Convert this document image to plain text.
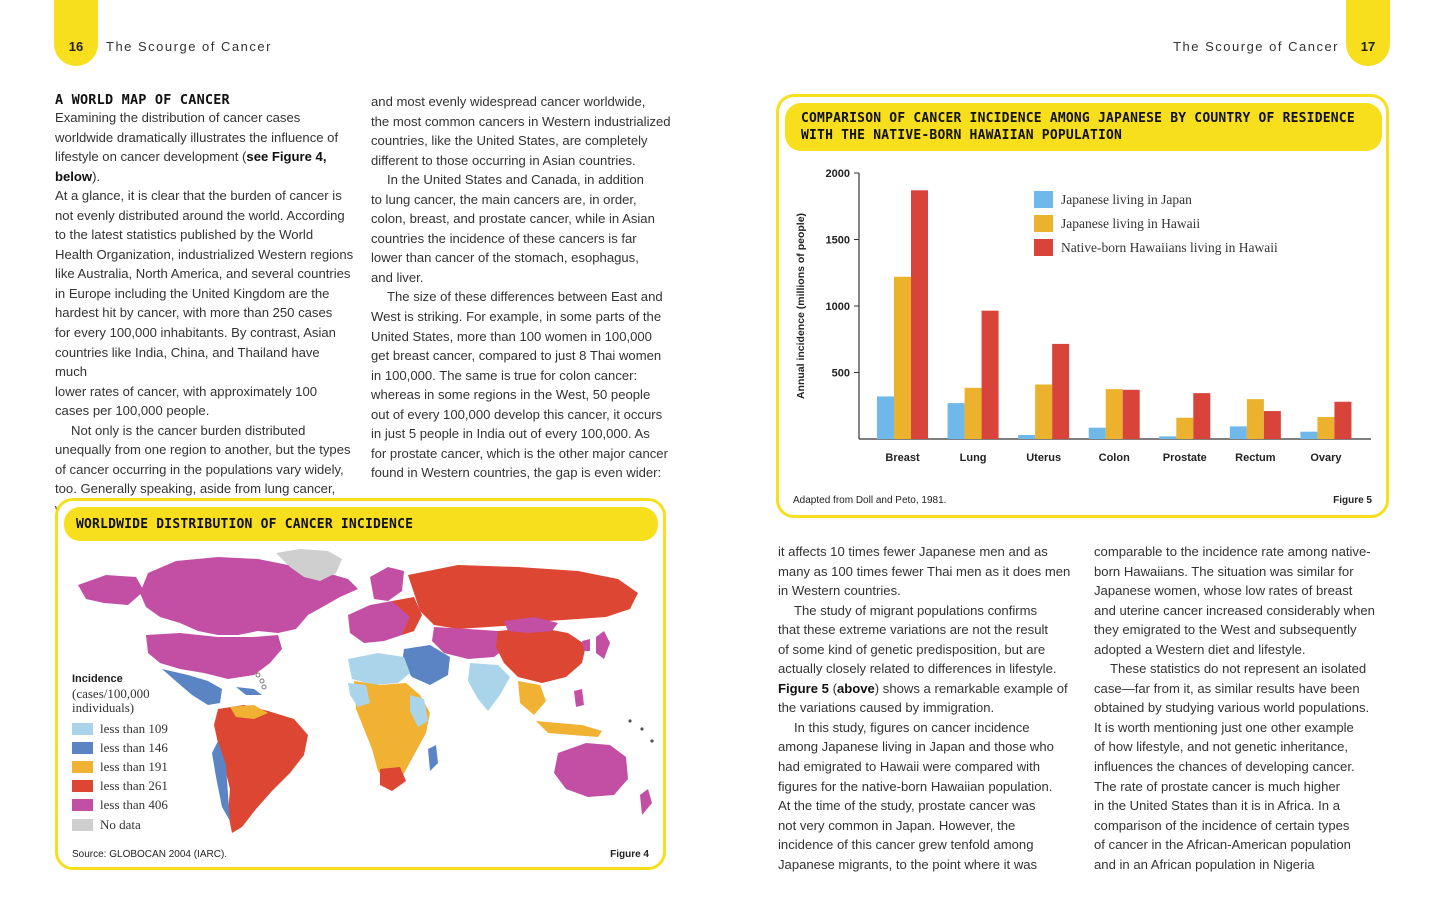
16	17
The Scourge of Cancer	The Scourge of Cancer
A WORLD MAP OF CANCER

Examining the distribution of cancer cases
worldwide dramatically illustrates the influence of
lifestyle on cancer development (see Figure 4, below).
At a glance, it is clear that the burden of cancer is
not evenly distributed around the world. According
to the latest statistics published by the World
Health Organization, industrialized Western regions
like Australia, North America, and several countries
in Europe including the United Kingdom are the
hardest hit by cancer, with more than 250 cases
for every 100,000 inhabitants. By contrast, Asian
countries like India, China, and Thailand have much
lower rates of cancer, with approximately 100
cases per 100,000 people.

Not only is the cancer burden distributed
unequally from one region to another, but the types
of cancer occurring in the populations vary widely,
too. Generally speaking, aside from lung cancer,

and most evenly widespread cancer worldwide,
the most common cancers in Western industrialized
countries, like the United States, are completely
different to those occurring in Asian countries.

In the United States and Canada, in addition
to lung cancer, the main cancers are, in order,
colon, breast, and prostate cancer, while in Asian
countries the incidence of these cancers is far
lower than cancer of the stomach, esophagus,
and liver.

The size of these differences between East and
West is striking. For example, in some parts of the
United States, more than 100 women in 100,000
get breast cancer, compared to just 8 Thai women
in 100,000. The same is true for colon cancer:
whereas in some regions in the West, 50 people
out of every 100,000 develop this cancer, it occurs
in just 5 people in India out of every 100,000. As
for prostate cancer, which is the other major cancer
found in Western countries, the gap is even wider:

it affects 10 times fewer Japanese men and as
many as 100 times fewer Thai men as it does men
in Western countries.

The study of migrant populations confirms
that these extreme variations are not the result
of some kind of genetic predisposition, but are
actually closely related to differences in lifestyle.
Figure 5 (above) shows a remarkable example of
the variations caused by immigration.

In this study, figures on cancer incidence
among Japanese living in Japan and those who
had emigrated to Hawaii were compared with
figures for the native-born Hawaiian population.
At the time of the study, prostate cancer was
not very common in Japan. However, the
incidence of this cancer grew tenfold among
Japanese migrants, to the point where it was

comparable to the incidence rate among native-
born Hawaiians. The situation was similar for
Japanese women, whose low rates of breast
and uterine cancer increased considerably when
they emigrated to the West and subsequently
adopted a Western diet and lifestyle.

These statistics do not represent an isolated
case—far from it, as similar results have been
obtained by studying various world populations.
It is worth mentioning just one other example
of how lifestyle, and not genetic inheritance,
influences the chances of developing cancer.
The rate of prostate cancer is much higher
in the United States than it is in Africa. In a
comparison of the incidence of certain types
of cancer in the African-American population
and in an African population in Nigeria

WORLDWIDE DISTRIBUTION OF CANCER INCIDENCE
Incidence
(cases/100,000
individuals)
less than 109
less than 146
less than 191
less than 261
less than 406
No data
Source: GLOBOCAN 2004 (IARC).	Figure 4
COMPARISON OF CANCER INCIDENCE AMONG JAPANESE BY COUNTRY OF RESIDENCE
WITH THE NATIVE-BORN HAWAIIAN POPULATION
500
1000
1500
2000
Annual incidence (millions of people)
Breast	Lung	Uterus	Colon	Prostate	Rectum	Ovary
Japanese living in Japan
Japanese living in Hawaii
Native-born Hawaiians living in Hawaii
Adapted from Doll and Peto, 1981.	Figure 5
